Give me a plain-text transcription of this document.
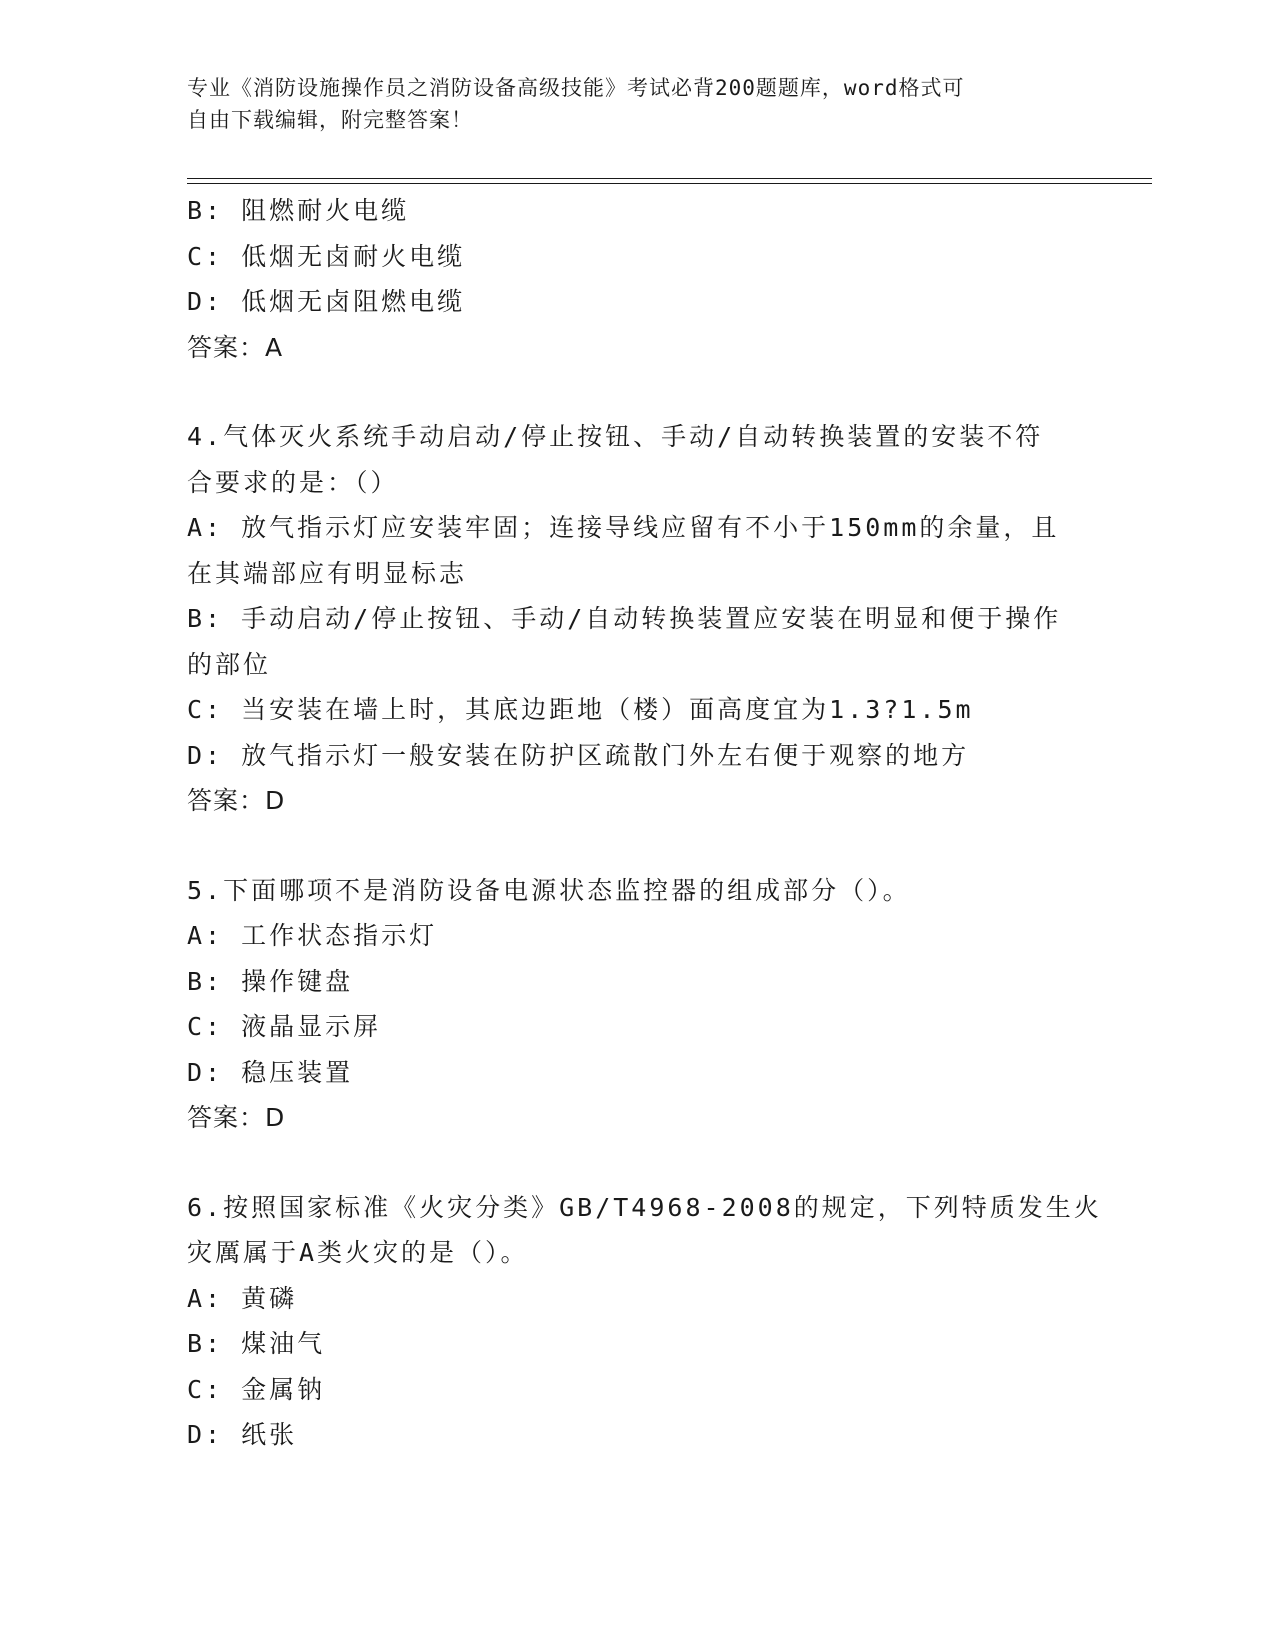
专业《消防设施操作员之消防设备高级技能》考试必背200题题库，word格式可
自由下载编辑，附完整答案！
B: 阻燃耐火电缆
C: 低烟无卤耐火电缆
D: 低烟无卤阻燃电缆
答案：A
4.气体灭火系统手动启动/停止按钮、手动/自动转换装置的安装不符
合要求的是：（）
A: 放气指示灯应安装牢固；连接导线应留有不小于150mm的余量，且
在其端部应有明显标志
B: 手动启动/停止按钮、手动/自动转换装置应安装在明显和便于操作
的部位
C: 当安装在墙上时，其底边距地（楼）面高度宜为1.3?1.5m
D: 放气指示灯一般安装在防护区疏散门外左右便于观察的地方
答案：D
5.下面哪项不是消防设备电源状态监控器的组成部分（）。
A: 工作状态指示灯
B: 操作键盘
C: 液晶显示屏
D: 稳压装置
答案：D
6.按照国家标准《火灾分类》GB/T4968-2008的规定，下列特质发生火
灾厲属于A类火灾的是（）。
A: 黄磷
B: 煤油气
C: 金属钠
D: 纸张
